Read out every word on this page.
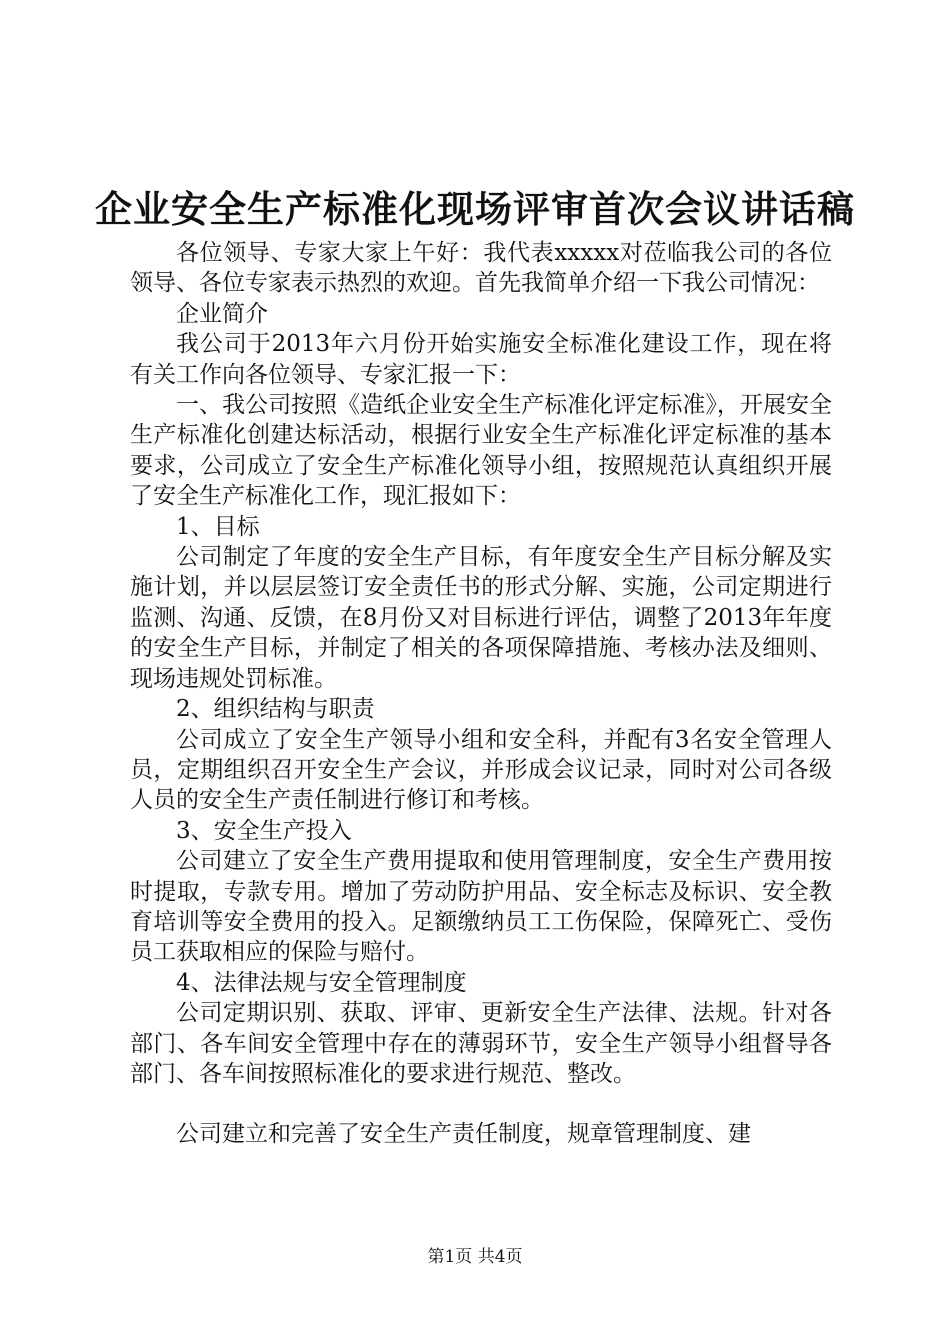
企业安全生产标准化现场评审首次会议讲话稿

各位领导、专家大家上午好：我代表xxxxx对莅临我公司的各位领导、各位专家表示热烈的欢迎。首先我简单介绍一下我公司情况：

企业简介

我公司于2013年六月份开始实施安全标准化建设工作，现在将有关工作向各位领导、专家汇报一下：

一、我公司按照《造纸企业安全生产标准化评定标准》，开展安全生产标准化创建达标活动，根据行业安全生产标准化评定标准的基本要求，公司成立了安全生产标准化领导小组，按照规范认真组织开展了安全生产标准化工作，现汇报如下：

1、目标

公司制定了年度的安全生产目标，有年度安全生产目标分解及实施计划，并以层层签订安全责任书的形式分解、实施，公司定期进行监测、沟通、反馈，在8月份又对目标进行评估，调整了2013年年度的安全生产目标，并制定了相关的各项保障措施、考核办法及细则、现场违规处罚标准。

2、组织结构与职责

公司成立了安全生产领导小组和安全科，并配有3名安全管理人员，定期组织召开安全生产会议，并形成会议记录，同时对公司各级人员的安全生产责任制进行修订和考核。

3、安全生产投入

公司建立了安全生产费用提取和使用管理制度，安全生产费用按时提取，专款专用。增加了劳动防护用品、安全标志及标识、安全教育培训等安全费用的投入。足额缴纳员工工伤保险，保障死亡、受伤员工获取相应的保险与赔付。

4、法律法规与安全管理制度

公司定期识别、获取、评审、更新安全生产法律、法规。针对各部门、各车间安全管理中存在的薄弱环节，安全生产领导小组督导各部门、各车间按照标准化的要求进行规范、整改。

公司建立和完善了安全生产责任制度，规章管理制度、建

第1页 共4页
